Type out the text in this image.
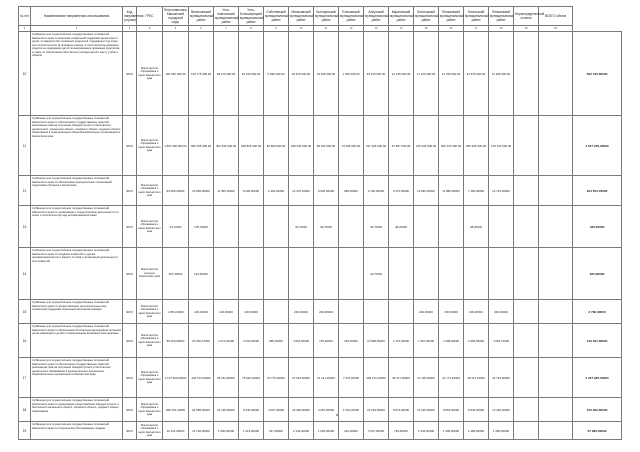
№ п/п	Наименование направления использования	Код направления (строки)	ГРБС	Петропавловск-Камчатский городской округ	Вилючинский муниципальный район	Усть-Камчатский муниципальный район	Усть-Большерецкий муниципальный район	Соболевский муниципальный район	Мильковский муниципальный район	Быстринский муниципальный район	Елизовский муниципальный район	Алеутский муниципальный район	Карагинский муниципальный район	Олюторский муниципальный район	Пенжинский муниципальный район	Тигильский муниципальный район	Пенжинский муниципальный район	Нераспределенный остаток	ВСЕГО объем	
1	2	3	4	5	6	7	8	9	10	11	12	13	14	15	16	17	18	19	20	
10	Субвенции для осуществления государственных полномочий Камчатского края по вопросам социальной поддержки детей-сирот и детей, оставшихся без попечения родителей, переданных под опеку или попечительство (в приемную семью), в части выплаты денежных средств на содержание детей, вознаграждения приемным родителям, а также по обеспечению бесплатного проезда детей к месту учебы и обратно	40ХХ	Министерство образования и науки Камчатского края	182 945 000,00	149 775 000,00	28 470 000,00	20 915 000,00	5 995 000,00	29 915 000,00	19 495 000,00	1 655 000,00	45 315 000,00	12 135 000,00	17 160 000,00	12 780 000,00	21 875 000,00	11 395 000,00			592 135,00000
11	Субвенции для осуществления государственных полномочий Камчатского края по обеспечению государственных гарантий реализации прав на получение общедоступного и бесплатного дошкольного, начального общего, основного общего, среднего общего образования в муниципальных общеобразовательных организациях в Камчатском крае	40ХХ	Министерство образования и науки Камчатского края	1 851 990 000,00	595 005 000,00	464 545 000,00	188 818 000,00	82 809 000,00	266 034 000,00	89 342 000,00	31 295 000,00	237 426 000,00	67 867 000,00	215 436 000,00	209 142 000,00	185 946 000,00	178 133 000,00			4 547 970,00000
12	Субвенции для осуществления государственных полномочий Камчатского края по обеспечению муниципальных организаций средствами обучения и воспитания	40ХХ	Министерство образования и науки Камчатского края	84 605,23000	10 956,00000	11 355,20000	8 206,00000	2 494,00000	10 475,20000	9 925,00000	985,00000	9 160,00000	6 470,00000	13 846,00000	11 880,00000	7 490,00000	13 723,00000			204 554,79000
13	Субвенции для осуществления государственных полномочий Камчатского края по организации и осуществлению деятельности по опеке и попечительству над несовершеннолетними	40ХХ	Министерство образования и науки Камчатского края	44,70000	178,70000				44,70000	44,70000		44,70000	48,20000			48,20000				433,70000
14	Субвенции для осуществления государственных полномочий Камчатского края по созданию комиссий по делам несовершеннолетних и защите их прав и организации деятельности этих комиссий	40ХХ	Министерство культуры Камчатского края	307,30000	123,40000							44,70000								625,00000
15	Субвенции для осуществления государственных полномочий Камчатского края по предоставлению дополнительных мер социальной поддержки отдельным категориям граждан	40ХХ	Министерство образования и науки Камчатского края	1 350,00000	130,00000	100,00000	130,00000		200,00000	200,00000				200,00000	150,00000	200,00000	300,00000			2 790,00000
16	Субвенции для осуществления государственных полномочий Камчатского края по обеспечению бесплатным двухразовым питанием детей-инвалидов и детей с ограниченными возможностями здоровья	40ХХ	Министерство образования и науки Камчатского края	85 320,00000	20 182,37000	4 472,20000	2 534,00000	985,00000	4 652,90000	745,00000	245,00000	10 968,00000	2 715,00000	7 497,00000	2 498,00000	2 956,00000	4 563,70000			143 181,06000
17	Субвенции для осуществления государственных полномочий Камчатского края по обеспечению государственных гарантий реализации прав на получение общедоступного и бесплатного дошкольного образования в муниципальных дошкольных образовательных организациях в Камчатском крае	40ХХ	Министерство образования и науки Камчатского края	1 127 605,00000	432 574,30000	99 181,90000	75 920,20000	20 775,00000	67 064,00000	21 141,20000	7 076,00000	409 671,00000	38 471,00000	47 196,00000	41 171,40000	48 313,70000	44 733,00000			2 247 987,50000
18	Субвенции для осуществления государственных полномочий Камчатского края по организации предоставления общедоступного и бесплатного начального общего, основного общего, среднего общего образования	40ХХ	Министерство образования и науки Камчатского края	459 415,00000	92 085,00000	24 425,00000	8 445,00000	4 597,00000	20 356,00000	4 051,00000	1 561,00000	22 253,00000	8 873,00000	13 145,00000	8 863,00000	9 946,00000	12 434,00000			720 202,00000
19	Субвенции для осуществления государственных полномочий Камчатского края по социальному обслуживанию граждан	40ХХ	Министерство образования и науки Камчатского края	20 141,00000	13 720,00000	1 690,00000	1 419,00000	647,00000	2 144,00000	1 693,00000	232,00000	3 527,00000	749,00000	1 945,00000	1 395,00000	1 486,00000	1 280,00000			67 660,00000
